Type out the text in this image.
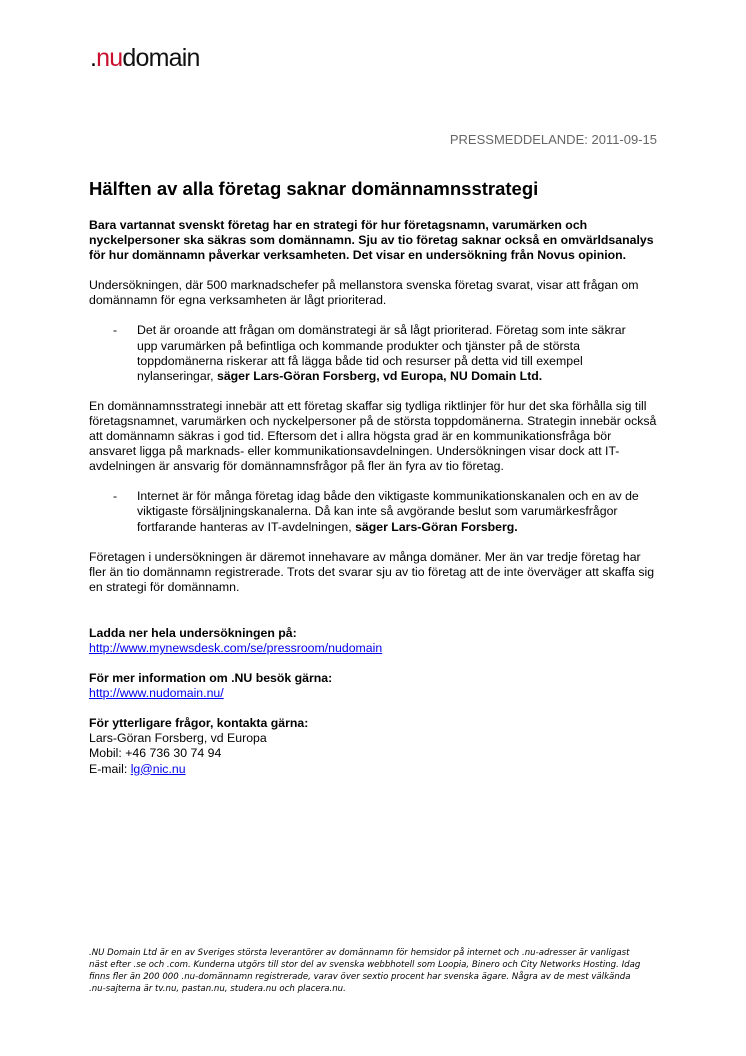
.nudomain
PRESSMEDDELANDE: 2011-09-15
Hälften av alla företag saknar domännamnsstrategi

Bara vartannat svenskt företag har en strategi för hur företagsnamn, varumärken och nyckelpersoner ska säkras som domännamn. Sju av tio företag saknar också en omvärldsanalys för hur domännamn påverkar verksamheten. Det visar en undersökning från Novus opinion.

Undersökningen, där 500 marknadschefer på mellanstora svenska företag svarat, visar att frågan om domännamn för egna verksamheten är lågt prioriterad.

-	Det är oroande att frågan om domänstrategi är så lågt prioriterad. Företag som inte säkrar upp varumärken på befintliga och kommande produkter och tjänster på de största toppdomänerna riskerar att få lägga både tid och resurser på detta vid till exempel nylanseringar, säger Lars-Göran Forsberg, vd Europa, NU Domain Ltd.

En domännamnsstrategi innebär att ett företag skaffar sig tydliga riktlinjer för hur det ska förhålla sig till företagsnamnet, varumärken och nyckelpersoner på de största toppdomänerna. Strategin innebär också att domännamn säkras i god tid. Eftersom det i allra högsta grad är en kommunikationsfråga bör ansvaret ligga på marknads- eller kommunikationsavdelningen. Undersökningen visar dock att IT-avdelningen är ansvarig för domännamnsfrågor på fler än fyra av tio företag.

-	Internet är för många företag idag både den viktigaste kommunikationskanalen och en av de viktigaste försäljningskanalerna. Då kan inte så avgörande beslut som varumärkesfrågor fortfarande hanteras av IT-avdelningen, säger Lars-Göran Forsberg.

Företagen i undersökningen är däremot innehavare av många domäner. Mer än var tredje företag har fler än tio domännamn registrerade. Trots det svarar sju av tio företag att de inte överväger att skaffa sig en strategi för domännamn.

Ladda ner hela undersökningen på:
http://www.mynewsdesk.com/se/pressroom/nudomain

För mer information om .NU besök gärna:
http://www.nudomain.nu/

För ytterligare frågor, kontakta gärna:
Lars-Göran Forsberg, vd Europa
Mobil: +46 736 30 74 94
E-mail: lg@nic.nu

.NU Domain Ltd är en av Sveriges största leverantörer av domännamn för hemsidor på internet och .nu-adresser är vanligast näst efter .se och .com. Kunderna utgörs till stor del av svenska webbhotell som Loopia, Binero och City Networks Hosting. Idag finns fler än 200 000 .nu-domännamn registrerade, varav över sextio procent har svenska ägare. Några av de mest välkända .nu-sajterna är tv.nu, pastan.nu, studera.nu och placera.nu.
